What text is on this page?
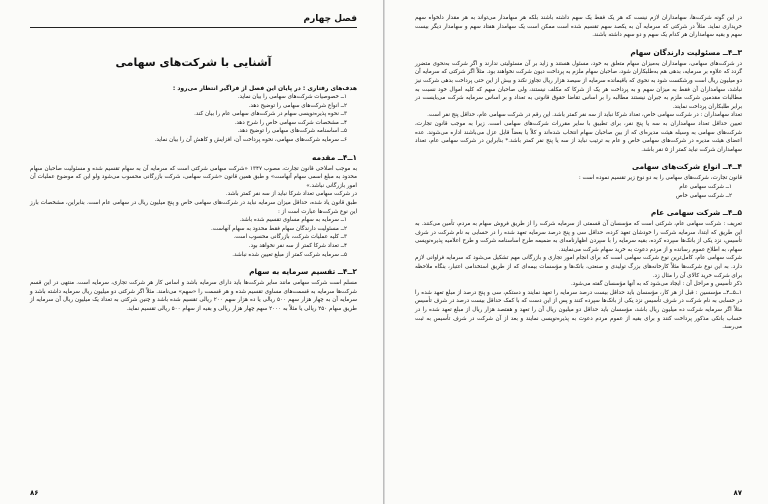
فصل چهارم
آشنایی با شرکت‌های سهامی
هدف‌های رفتاری : در پایان این فصل از فراگیر انتظار می‌رود :
۱ــ خصوصیات شرکت‌های سهامی را بیان نماید.
۲ــ انواع شرکت‌های سهامی را توضیح دهد.
۳ــ نحوه پذیره‌نویسی سهام در شرکت‌های سهامی عام را بیان کند.
۴ــ مشخصات شرکت سهامی خاص را شرح دهد.
۵ــ اساسنامه شرکت‌های سهامی را توضیح دهد.
۶ــ سرمایه شرکت‌های سهامی، نحوه پرداخت آن، افزایش و کاهش آن را بیان نماید.
۱ــ۴ــ مقدمه

به موجب اصلاحی قانون تجارت، مصوب ۱۳۴۷ «شرکت سهامی شرکتی است که سرمایه آن به سهام تقسیم شده و مسئولیت صاحبان سهام محدود به مبلغ اسمی سهام آنهاست» و طبق همین قانون «شرکت سهامی، شرکت بازرگانی محسوب می‌شود ولو این که موضوع عملیات آن امور بازرگانی نباشد.»

در شرکت سهامی تعداد شرکا نباید از سه نفر کمتر باشد.

طبق قانون یاد شده، حداقل میزان سرمایه نباید در شرکت‌های سهامی خاص و پنج میلیون ریال در سهامی عام است. بنابراین، مشخصات بارز این نوع شرکت‌ها عبارت است از :

۱ــ سرمایه به سهام مساوی تقسیم شده باشد.
۲ــ مسئولیت دارندگان سهام فقط محدود به سهام آنهاست.
۳ــ کلیه عملیات شرکت، بازرگانی محسوب است.
۴ــ تعداد شرکا کمتر از سه نفر نخواهد بود.
۵ــ سرمایه شرکت کمتر از مبلغ تعیین شده نباشد.
۲ــ۴ــ تقسیم سرمایه به سهام

مسلم است شرکت سهامی مانند سایر شرکت‌ها باید دارای سرمایه باشد و اساس کار هر شرکت تجاری، سرمایه است. منتهی در این قسم شرکت‌ها سرمایه به قسمت‌های مساوی تقسیم شده و هر قسمت را «سهم» می‌نامند. مثلاً اگر شرکتی دو میلیون ریال سرمایه داشته باشد و سرمایه آن به چهار هزار سهم ۵۰۰ ریالی یا ده هزار سهم ۲۰۰ ریالی تقسیم شده باشد و چنین شرکتی به تعداد یک میلیون ریال آن سرمایه از طریق سهام ۲۵۰ ریالی یا مثلاً به ۲۰۰۰ سهم چهار هزار ریالی و بقیه از سهام ۵۰۰ ریالی تقسیم نماید.

۸۶

در این گونه شرکت‌ها، سهامداران لازم نیست که هر یک فقط یک سهم داشته باشند بلکه هر سهامدار می‌تواند به هر مقدار دلخواه سهم خریداری نماید. مثلاً در شرکتی که سرمایه آن به یکصد سهم تقسیم شده است ممکن است یک سهامدار هفتاد سهم و سهامدار دیگر بیست سهم و بقیه سهامداران هر کدام یک سهم و دو سهم داشته باشند.

۳ــ۴ــ مسئولیت دارندگان سهام

در شرکت‌های سهامی، سهامداران به‌میزان سهام متعلق به خود، مسئول هستند و زاید بر آن مسئولیتی ندارند و اگر شرکت به‌نحوی متضرر گردد که علاوه بر سرمایه، بدهی هم به‌طلبکاران شود، صاحبان سهام ملزم به پرداخت دیون شرکت نخواهند بود. مثلاً اگر شرکتی که سرمایه آن دو میلیون ریال است ورشکست شود به نحوی که باقیمانده سرمایه از سیصد هزار ریال تجاوز نکند و بیش از این حتی پرداخت بدهی شرکت نیز نباشد، سهامداران آن فقط به میزان سهم و به پرداخت هر یک از شرکا که مکلف نیستند، ولی صاحبان سهم که کلیه اموال خود نسبت به مطالبات مقدمین شرکت ملزم به جبران نیستند مطالبه را بر اساس تقاضا حقوق قانونی به تعداد و بر اساس سرمایه شرکت می‌بایست در برابر طلبکاران پرداخت نمایند.

تعداد سهامداران : در شرکت سهامی خاص، تعداد شرکا نباید از سه نفر کمتر باشد. این رقم در شرکت سهامی عام، حداقل پنج نفر است.

تعیین حداقل تعداد سهامداران به سه یا پنج نفر، برای تطبیق با سایر مقررات شرکت‌های سهامی است. زیرا به موجب قانون تجارت، شرکت‌های سهامی به وسیله هیئت مدیره‌ای که از بین صاحبان سهام انتخاب شده‌اند و کلاً یا بعضاً قابل عزل می‌باشند اداره می‌شوند. عده اعضای هیئت مدیره در شرکت‌های سهامی خاص و عام به ترتیب نباید از سه یا پنج نفر کمتر باشد.* بنابراین در شرکت سهامی عام، تعداد سهامداران شرکت نباید کمتر از ۵ نفر باشد.

۴ــ۴ــ انواع شرکت‌های سهامی

قانون تجارت، شرکت‌های سهامی را به دو نوع زیر تقسیم نموده است :

۱ــ شرکت سهامی عام
۲ــ شرکت سهامی خاص
۵ــ۴ــ شرکت سهامی عام

تعریف : شرکت سهامی عام، شرکتی است که مؤسسان آن قسمتی از سرمایه شرکت را از طریق فروش سهام به مردم، تأمین می‌کنند. به این طریق که ابتدا، سرمایه شرکت را خودشان تعهد کرده، حداقل سی و پنج درصد سرمایه تعهد شده را در حسابی به نام شرکت در شرف تأسیس، نزد یکی از بانک‌ها سپرده کرده، بقیه سرمایه را با سپردن اظهارنامه‌ای به ضمیمه طرح اساسنامه شرکت و طرح اعلامیه پذیره‌نویسی سهام، به اطلاع عموم رسانده و از مردم دعوت به خرید سهام شرکت می‌نمایند.

شرکت سهامی عام، کامل‌ترین نوع شرکت سهامی است که برای انجام امور تجاری و بازرگانی مهم تشکیل می‌شود که سرمایه فراوانی لازم دارد. به این نوع شرکت‌ها مثلاً کارخانه‌های بزرگ تولیدی و صنعتی، بانک‌ها و مؤسسات بیمه‌ای که از طریق استخدامی اعتبار، بنگاه ملاحظه برای شرکت خرید کالای آن را مثال زد.

ذکر تأسیس و مراحل آن : ایجاد می‌شود که به آنها مؤسسان گفته می‌شود.

۱ــ۵ــ۴ــ مؤسسین : قبل از هر کار، مؤسسان باید حداقل بیست درصد سرمایه را تعهد نمایند و دستکم، سی و پنج درصد از مبلغ تعهد شده را در حسابی به نام شرکت در شرف تأسیس نزد یکی از بانک‌ها سپرده کنند و پس از این دست که با کمک حداقل بیست درصد در شرف تأسیس مثلاً اگر سرمایه شرکت ده میلیون ریال باشد، مؤسسان باید حداقل دو میلیون ریال آن را تعهد و هفتصد هزار ریال از مبلغ تعهد شده را در حساب بانکی مذکور پرداخت کنند و برای بقیه از عموم مردم دعوت به پذیره‌نویسی نمایند و بعد از آن شرکت در شرف تأسیس به ثبت می‌رسد.

۸۷
